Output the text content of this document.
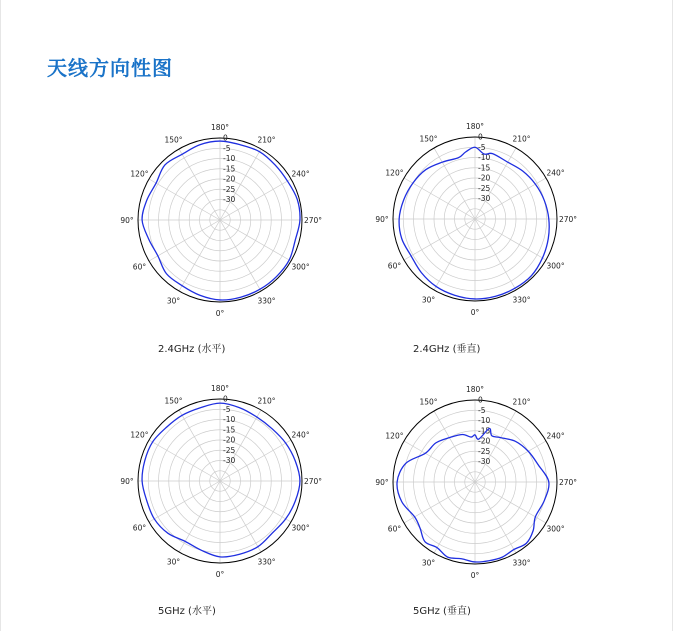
天线方向性图
0°
30°
60°
90°
120°
150°
180°
210°
240°
270°
300°
330°
0
-5
-10
-15
-20
-25
-30
0°
30°
60°
90°
120°
150°
180°
210°
240°
270°
300°
330°
0
-5
-10
-15
-20
-25
-30
0°
30°
60°
90°
120°
150°
180°
210°
240°
270°
300°
330°
0
-5
-10
-15
-20
-25
-30
0°
30°
60°
90°
120°
150°
180°
210°
240°
270°
300°
330°
0
-5
-10
-15
-20
-25
-30
2.4GHz (水平)	2.4GHz (垂直)
5GHz (水平)	5GHz (垂直)
